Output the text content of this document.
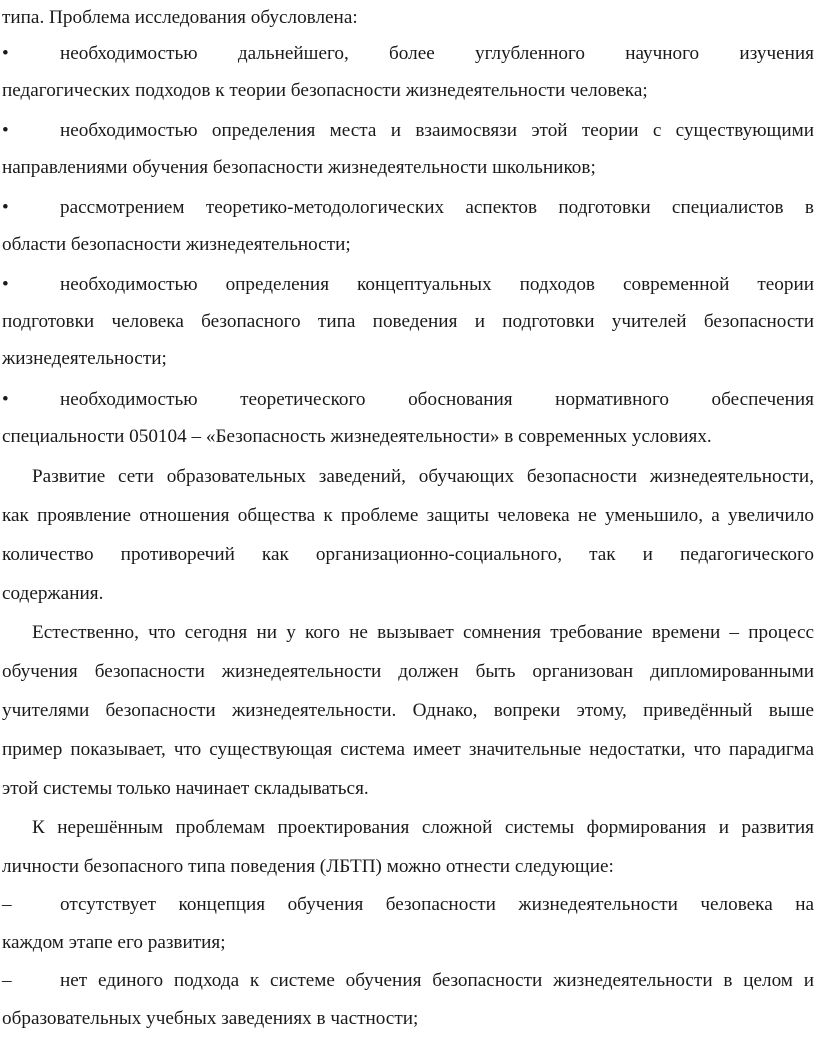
типа. Проблема исследования обусловлена:
•	необходимостью дальнейшего, более углубленного научного изучения
педагогических подходов к теории безопасности жизнедеятельности человека;
•	необходимостью определения места и взаимосвязи этой теории с существующими
направлениями обучения безопасности жизнедеятельности школьников;
•	рассмотрением теоретико-методологических аспектов подготовки специалистов в
области безопасности жизнедеятельности;
•	необходимостью определения концептуальных подходов современной теории
подготовки человека безопасного типа поведения и подготовки учителей безопасности
жизнедеятельности;
•	необходимостью теоретического обоснования нормативного обеспечения
специальности 050104 – «Безопасность жизнедеятельности» в современных условиях.
Развитие сети образовательных заведений, обучающих безопасности жизнедеятельности,
как проявление отношения общества к проблеме защиты человека не уменьшило, а увеличило
количество противоречий как организационно-социального, так и педагогического
содержания.
Естественно, что сегодня ни у кого не вызывает сомнения требование времени – процесс
обучения безопасности жизнедеятельности должен быть организован дипломированными
учителями безопасности жизнедеятельности. Однако, вопреки этому, приведённый выше
пример показывает, что существующая система имеет значительные недостатки, что парадигма
этой системы только начинает складываться.
К нерешённым проблемам проектирования сложной системы формирования и развития
личности безопасного типа поведения (ЛБТП) можно отнести следующие:
–	отсутствует концепция обучения безопасности жизнедеятельности человека на
каждом этапе его развития;
–	нет единого подхода к системе обучения безопасности жизнедеятельности в целом и
образовательных учебных заведениях в частности;
